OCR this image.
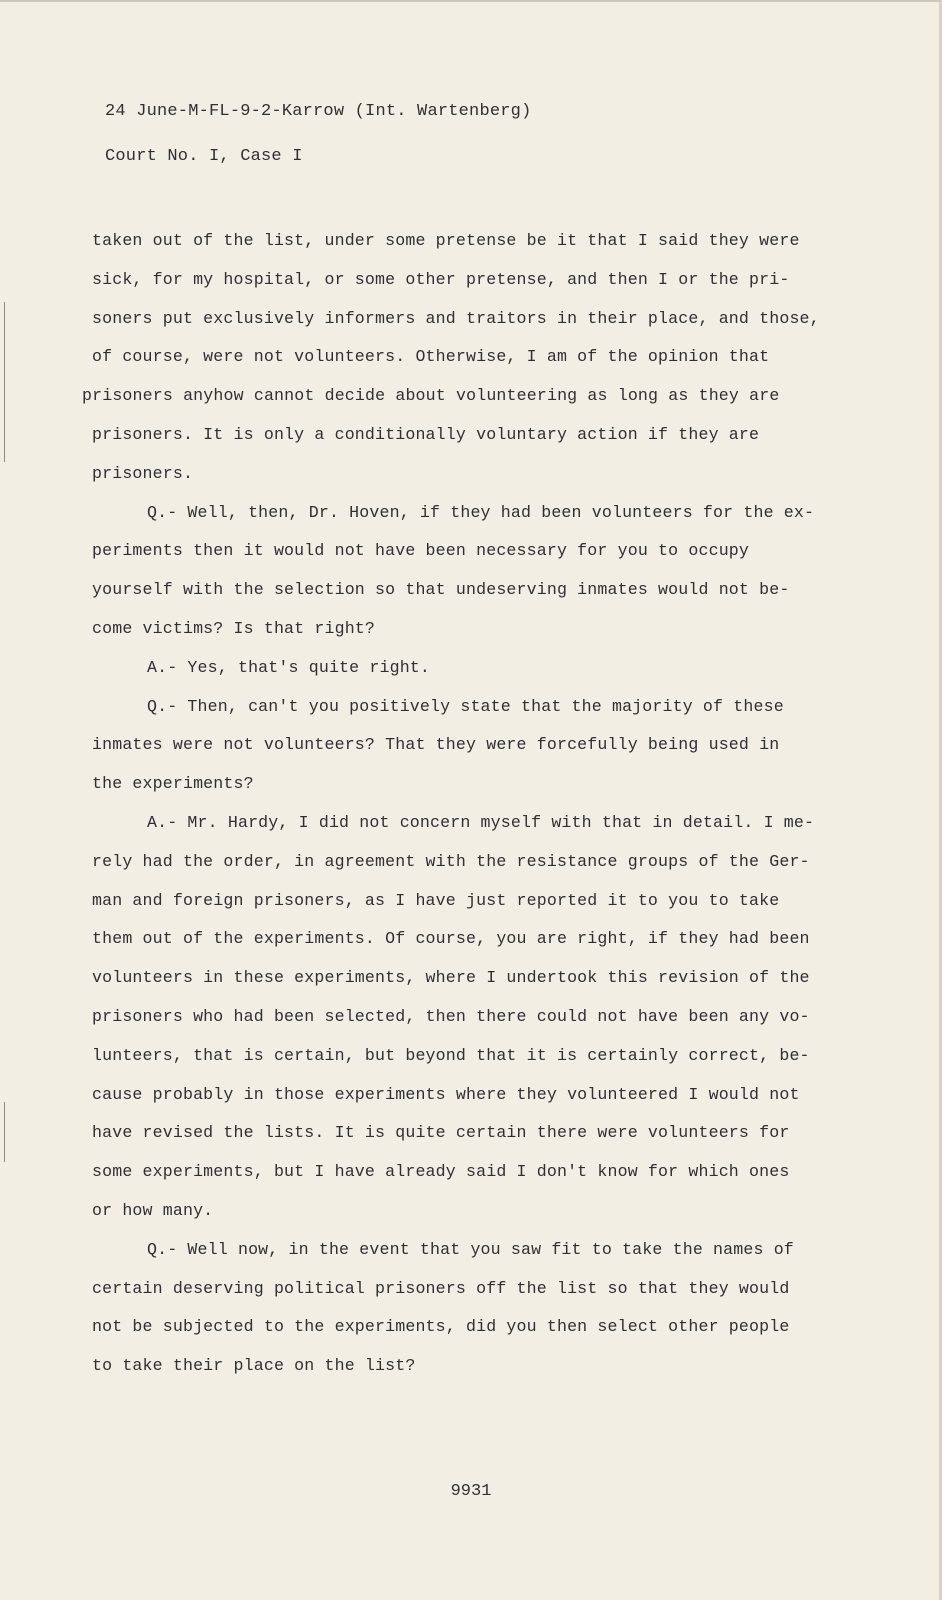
24 June-M-FL-9-2-Karrow (Int. Wartenberg)
Court No. I, Case I
taken out of the list, under some pretense be it that I said they were
sick, for my hospital, or some other pretense, and then I or the pri-
soners put exclusively informers and traitors in their place, and those,
of course, were not volunteers. Otherwise, I am of the opinion that
prisoners anyhow cannot decide about volunteering as long as they are
prisoners. It is only a conditionally voluntary action if they are
prisoners.
Q.- Well, then, Dr. Hoven, if they had been volunteers for the ex-
periments then it would not have been necessary for you to occupy
yourself with the selection so that undeserving inmates would not be-
come victims? Is that right?
A.- Yes, that's quite right.
Q.- Then, can't you positively state that the majority of these
inmates were not volunteers? That they were forcefully being used in
the experiments?
A.- Mr. Hardy, I did not concern myself with that in detail. I me-
rely had the order, in agreement with the resistance groups of the Ger-
man and foreign prisoners, as I have just reported it to you to take
them out of the experiments. Of course, you are right, if they had been
volunteers in these experiments, where I undertook this revision of the
prisoners who had been selected, then there could not have been any vo-
lunteers, that is certain, but beyond that it is certainly correct, be-
cause probably in those experiments where they volunteered I would not
have revised the lists. It is quite certain there were volunteers for
some experiments, but I have already said I don't know for which ones
or how many.
Q.- Well now, in the event that you saw fit to take the names of
certain deserving political prisoners off the list so that they would
not be subjected to the experiments, did you then select other people
to take their place on the list?
9931
